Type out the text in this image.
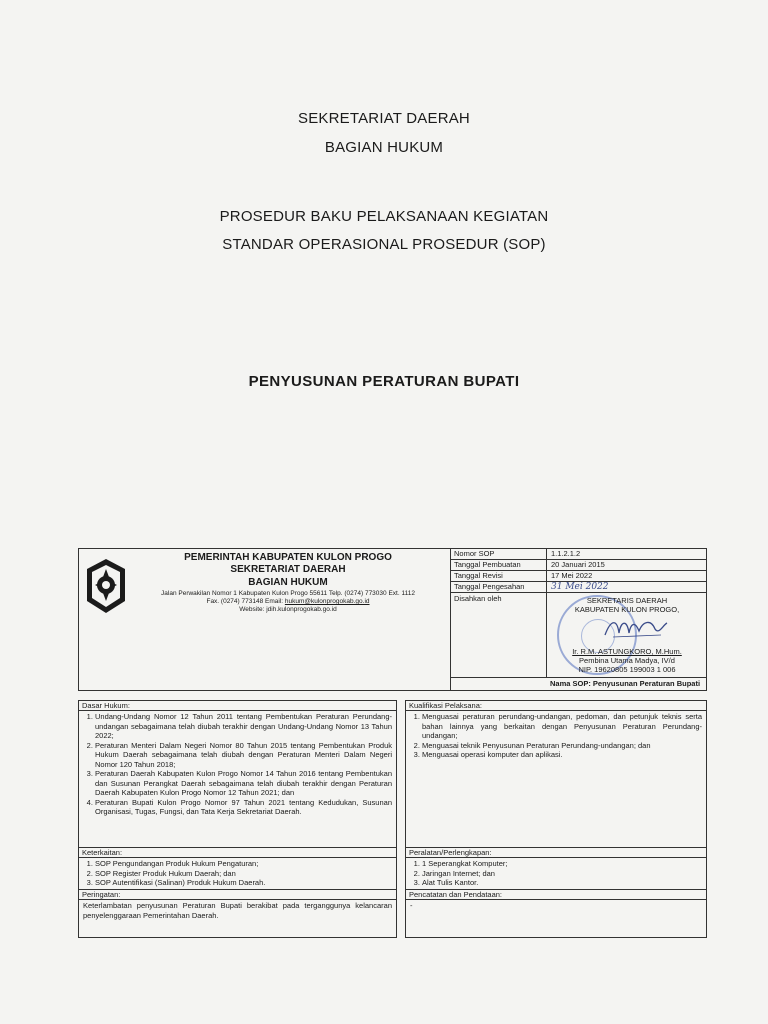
SEKRETARIAT DAERAH
BAGIAN HUKUM
PROSEDUR BAKU PELAKSANAAN KEGIATAN
STANDAR OPERASIONAL PROSEDUR (SOP)
PENYUSUNAN PERATURAN BUPATI
PEMERINTAH KABUPATEN KULON PROGO
SEKRETARIAT DAERAH
BAGIAN HUKUM
Jalan Perwakilan Nomor 1 Kabupaten Kulon Progo 55611 Telp. (0274) 773030 Ext. 1112
Fax. (0274) 773148 Email: hukum@kulonprogokab.go.id
Website: jdih.kulonprogokab.go.id
Nomor SOP	1.1.2.1.2
Tanggal Pembuatan	20 Januari 2015
Tanggal Revisi	17 Mei 2022
Tanggal Pengesahan	31 Mei 2022
Disahkan oleh	SEKRETARIS DAERAH
KABUPATEN KULON PROGO,
Ir. R.M. ASTUNGKORO, M.Hum.
Pembina Utama Madya, IV/d
NIP. 19620805 199003 1 006
Nama SOP: Penyusunan Peraturan Bupati
Dasar Hukum:
1. Undang-Undang Nomor 12 Tahun 2011 tentang Pembentukan Peraturan Perundang-undangan sebagaimana telah diubah terakhir dengan Undang-Undang Nomor 13 Tahun 2022;
2. Peraturan Menteri Dalam Negeri Nomor 80 Tahun 2015 tentang Pembentukan Produk Hukum Daerah sebagaimana telah diubah dengan Peraturan Menteri Dalam Negeri Nomor 120 Tahun 2018;
3. Peraturan Daerah Kabupaten Kulon Progo Nomor 14 Tahun 2016 tentang Pembentukan dan Susunan Perangkat Daerah sebagaimana telah diubah terakhir dengan Peraturan Daerah Kabupaten Kulon Progo Nomor 12 Tahun 2021; dan
4. Peraturan Bupati Kulon Progo Nomor 97 Tahun 2021 tentang Kedudukan, Susunan Organisasi, Tugas, Fungsi, dan Tata Kerja Sekretariat Daerah.
Keterkaitan:
1. SOP Pengundangan Produk Hukum Pengaturan;
2. SOP Register Produk Hukum Daerah; dan
3. SOP Autentifikasi (Salinan) Produk Hukum Daerah.
Peringatan:
Keterlambatan penyusunan Peraturan Bupati berakibat pada terganggunya kelancaran penyelenggaraan Pemerintahan Daerah.
Kualifikasi Pelaksana:
1. Menguasai peraturan perundang-undangan, pedoman, dan petunjuk teknis serta bahan lainnya yang berkaitan dengan Penyusunan Peraturan Perundang-undangan;
2. Menguasai teknik Penyusunan Peraturan Perundang-undangan; dan
3. Menguasai operasi komputer dan aplikasi.
Peralatan/Perlengkapan:
1. 1 Seperangkat Komputer;
2. Jaringan Internet; dan
3. Alat Tulis Kantor.
Pencatatan dan Pendataan:
-
